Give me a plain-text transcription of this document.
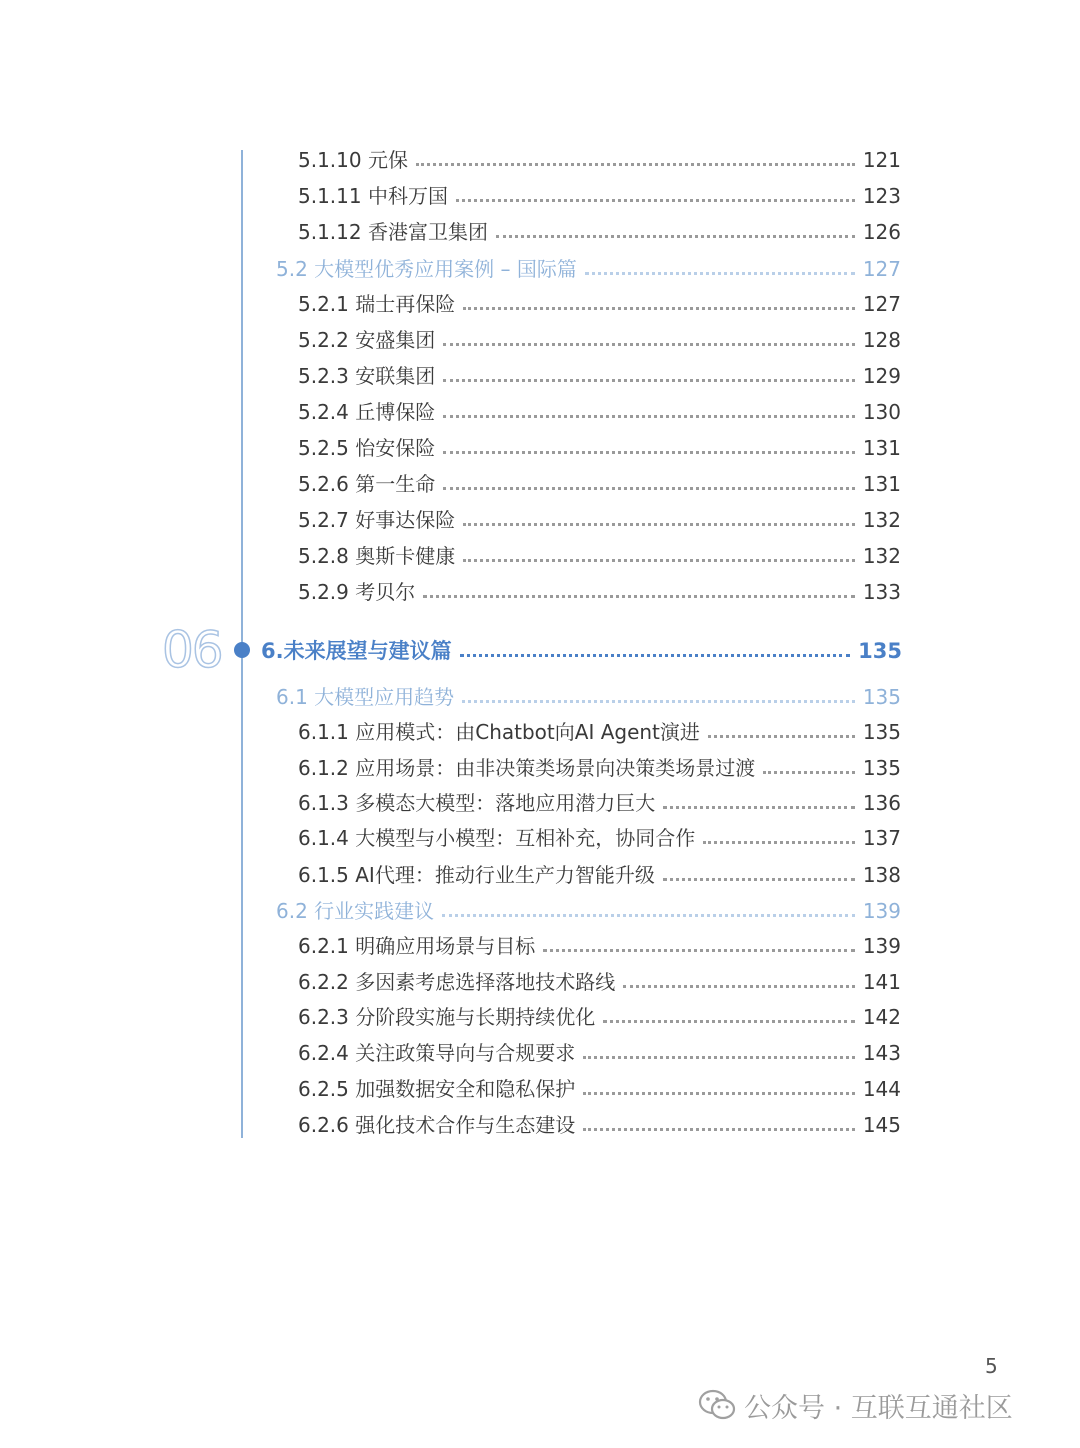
06
5.1.10 元保	121
5.1.11 中科万国	123
5.1.12 香港富卫集团	126
5.2 大模型优秀应用案例 – 国际篇	127
5.2.1 瑞士再保险	127
5.2.2 安盛集团	128
5.2.3 安联集团	129
5.2.4 丘博保险	130
5.2.5 怡安保险	131
5.2.6 第一生命	131
5.2.7 好事达保险	132
5.2.8 奥斯卡健康	132
5.2.9 考贝尔	133
6.未来展望与建议篇	135
6.1 大模型应用趋势	135
6.1.1 应用模式：由Chatbot向AI Agent演进	135
6.1.2 应用场景：由非决策类场景向决策类场景过渡	135
6.1.3 多模态大模型：落地应用潜力巨大	136
6.1.4 大模型与小模型：互相补充，协同合作	137
6.1.5 AI代理：推动行业生产力智能升级	138
6.2 行业实践建议	139
6.2.1 明确应用场景与目标	139
6.2.2 多因素考虑选择落地技术路线	141
6.2.3 分阶段实施与长期持续优化	142
6.2.4 关注政策导向与合规要求	143
6.2.5 加强数据安全和隐私保护	144
6.2.6 强化技术合作与生态建设	145
5
公众号 · 互联互通社区
